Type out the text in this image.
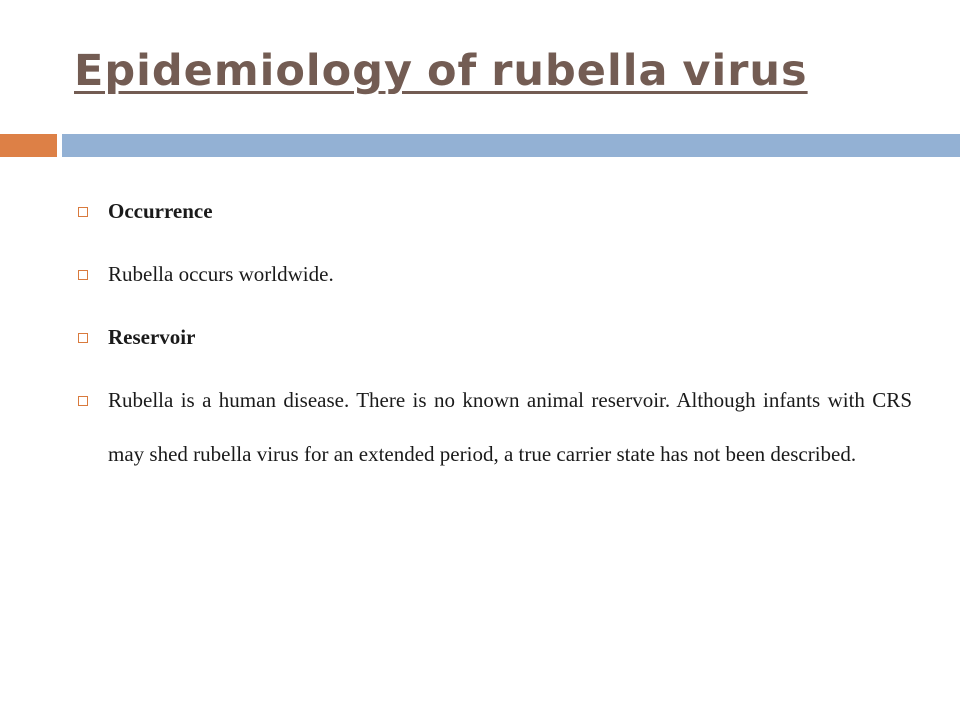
Epidemiology of rubella virus
Occurrence
Rubella occurs worldwide.
Reservoir
Rubella is a human disease. There is no known animal reservoir. Although infants with CRS may shed rubella virus for an extended period, a true carrier state has not been described.
